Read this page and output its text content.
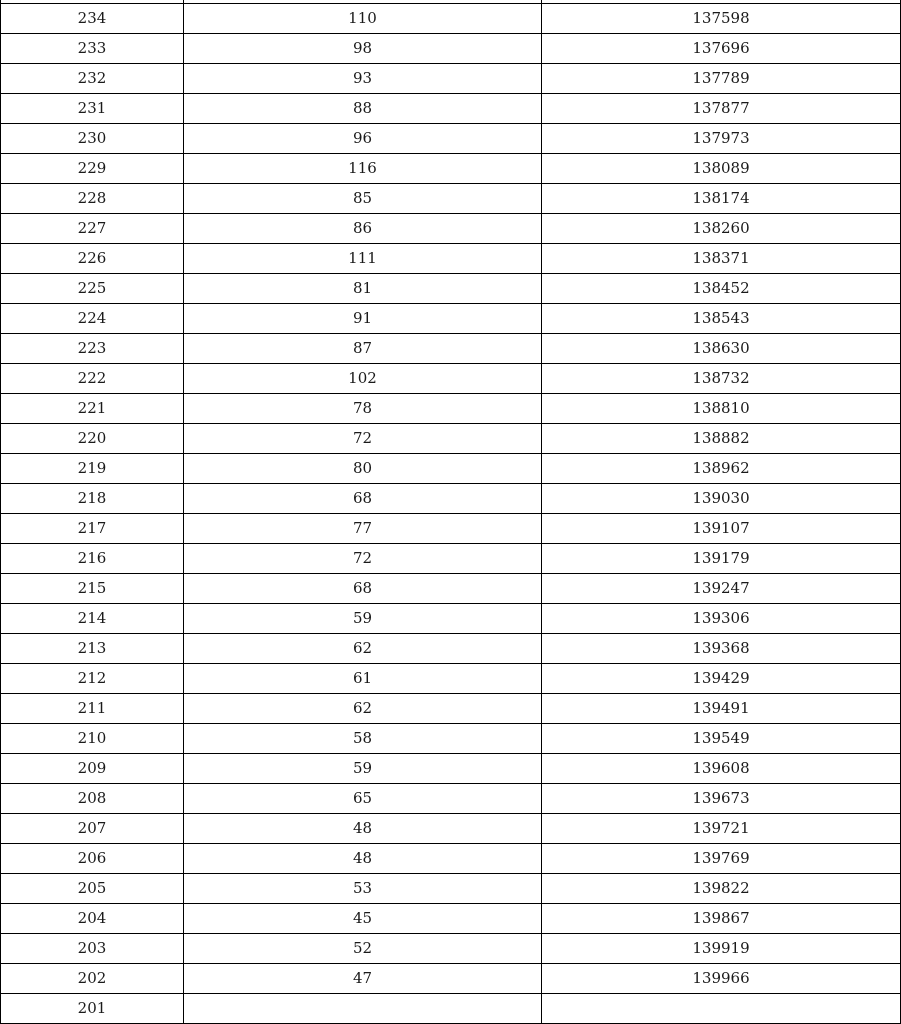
234	110	137598
233	98	137696
232	93	137789
231	88	137877
230	96	137973
229	116	138089
228	85	138174
227	86	138260
226	111	138371
225	81	138452
224	91	138543
223	87	138630
222	102	138732
221	78	138810
220	72	138882
219	80	138962
218	68	139030
217	77	139107
216	72	139179
215	68	139247
214	59	139306
213	62	139368
212	61	139429
211	62	139491
210	58	139549
209	59	139608
208	65	139673
207	48	139721
206	48	139769
205	53	139822
204	45	139867
203	52	139919
202	47	139966
201		
